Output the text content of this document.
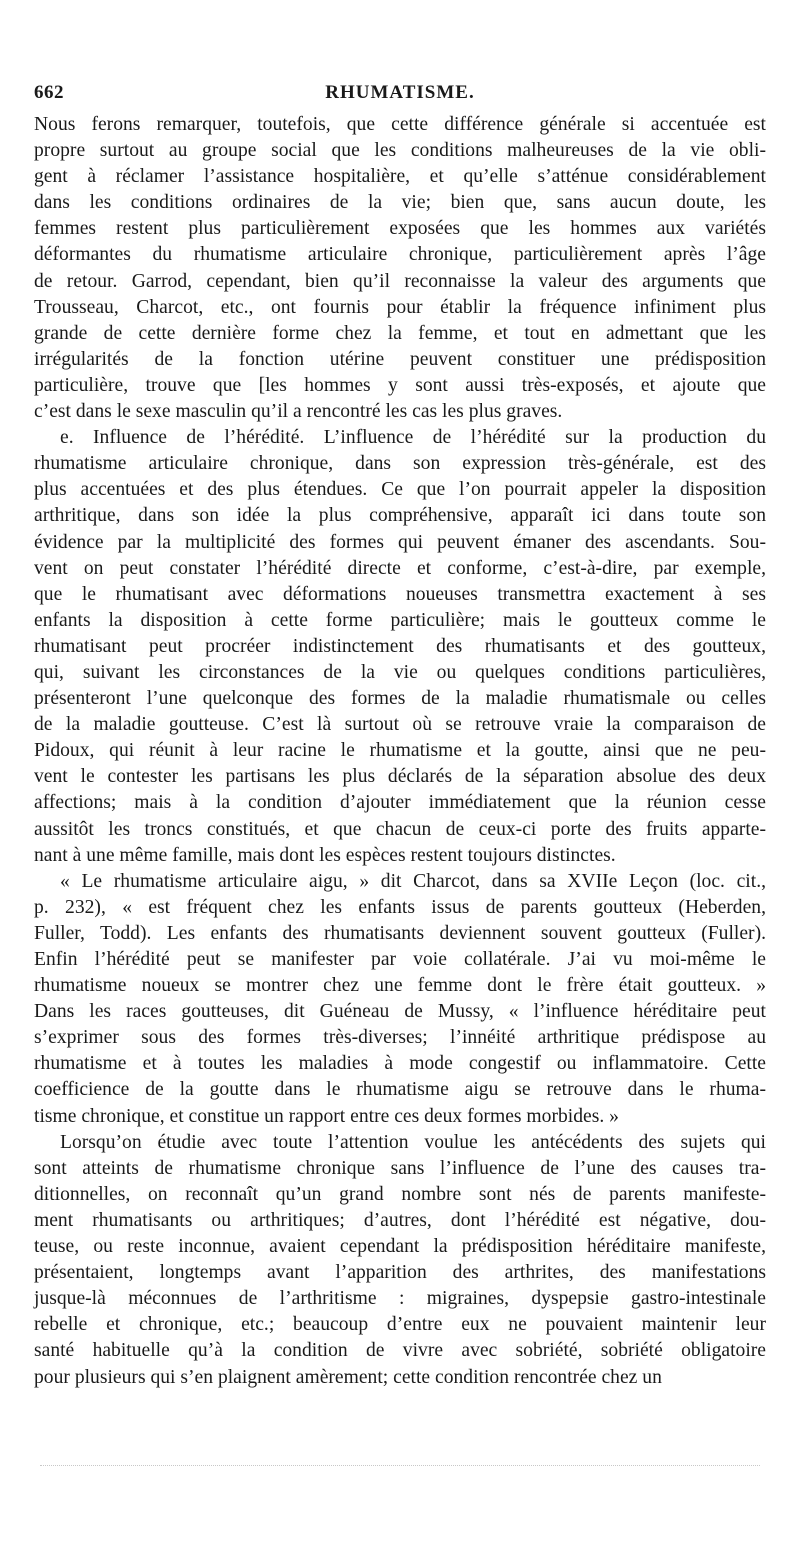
662	RHUMATISME.
Nous ferons remarquer, toutefois, que cette différence générale si accentuée est
propre surtout au groupe social que les conditions malheureuses de la vie obli-
gent à réclamer l’assistance hospitalière, et qu’elle s’atténue considérablement
dans les conditions ordinaires de la vie; bien que, sans aucun doute, les
femmes restent plus particulièrement exposées que les hommes aux variétés
déformantes du rhumatisme articulaire chronique, particulièrement après l’âge
de retour. Garrod, cependant, bien qu’il reconnaisse la valeur des arguments que
Trousseau, Charcot, etc., ont fournis pour établir la fréquence infiniment plus
grande de cette dernière forme chez la femme, et tout en admettant que les
irrégularités de la fonction utérine peuvent constituer une prédisposition
particulière, trouve que [les hommes y sont aussi très-exposés, et ajoute que
c’est dans le sexe masculin qu’il a rencontré les cas les plus graves.
e. Influence de l’hérédité. L’influence de l’hérédité sur la production du
rhumatisme articulaire chronique, dans son expression très-générale, est des
plus accentuées et des plus étendues. Ce que l’on pourrait appeler la disposition
arthritique, dans son idée la plus compréhensive, apparaît ici dans toute son
évidence par la multiplicité des formes qui peuvent émaner des ascendants. Sou-
vent on peut constater l’hérédité directe et conforme, c’est-à-dire, par exemple,
que le rhumatisant avec déformations noueuses transmettra exactement à ses
enfants la disposition à cette forme particulière; mais le goutteux comme le
rhumatisant peut procréer indistinctement des rhumatisants et des goutteux,
qui, suivant les circonstances de la vie ou quelques conditions particulières,
présenteront l’une quelconque des formes de la maladie rhumatismale ou celles
de la maladie goutteuse. C’est là surtout où se retrouve vraie la comparaison de
Pidoux, qui réunit à leur racine le rhumatisme et la goutte, ainsi que ne peu-
vent le contester les partisans les plus déclarés de la séparation absolue des deux
affections; mais à la condition d’ajouter immédiatement que la réunion cesse
aussitôt les troncs constitués, et que chacun de ceux-ci porte des fruits apparte-
nant à une même famille, mais dont les espèces restent toujours distinctes.
« Le rhumatisme articulaire aigu, » dit Charcot, dans sa XVIIe Leçon (loc. cit.,
p. 232), « est fréquent chez les enfants issus de parents goutteux (Heberden,
Fuller, Todd). Les enfants des rhumatisants deviennent souvent goutteux (Fuller).
Enfin l’hérédité peut se manifester par voie collatérale. J’ai vu moi-même le
rhumatisme noueux se montrer chez une femme dont le frère était goutteux. »
Dans les races goutteuses, dit Guéneau de Mussy, « l’influence héréditaire peut
s’exprimer sous des formes très-diverses; l’innéité arthritique prédispose au
rhumatisme et à toutes les maladies à mode congestif ou inflammatoire. Cette
coefficience de la goutte dans le rhumatisme aigu se retrouve dans le rhuma-
tisme chronique, et constitue un rapport entre ces deux formes morbides. »
Lorsqu’on étudie avec toute l’attention voulue les antécédents des sujets qui
sont atteints de rhumatisme chronique sans l’influence de l’une des causes tra-
ditionnelles, on reconnaît qu’un grand nombre sont nés de parents manifeste-
ment rhumatisants ou arthritiques; d’autres, dont l’hérédité est négative, dou-
teuse, ou reste inconnue, avaient cependant la prédisposition héréditaire manifeste,
présentaient, longtemps avant l’apparition des arthrites, des manifestations
jusque-là méconnues de l’arthritisme : migraines, dyspepsie gastro-intestinale
rebelle et chronique, etc.; beaucoup d’entre eux ne pouvaient maintenir leur
santé habituelle qu’à la condition de vivre avec sobriété, sobriété obligatoire
pour plusieurs qui s’en plaignent amèrement; cette condition rencontrée chez un
